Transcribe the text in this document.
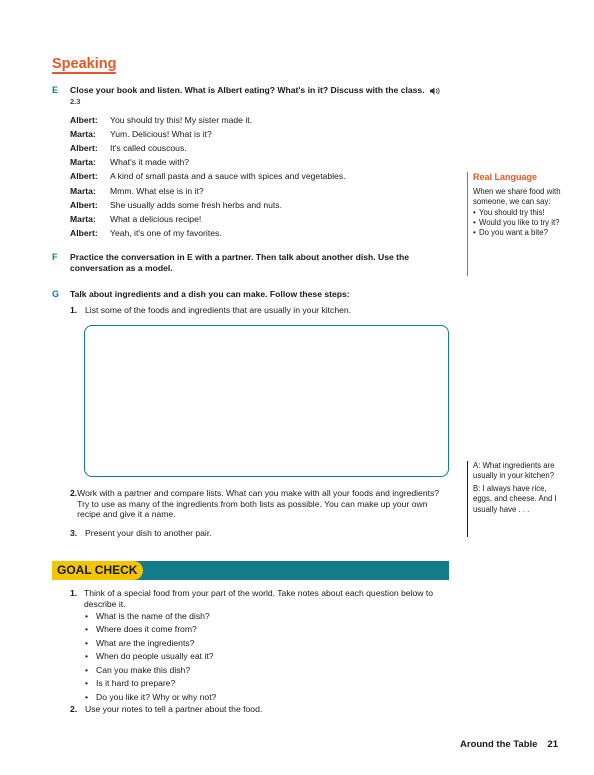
Speaking
E Close your book and listen. What is Albert eating? What's in it? Discuss with the class.  2.3
Albert:	You should try this! My sister made it.
Marta:	Yum. Delicious! What is it?
Albert:	It's called couscous.
Marta:	What's it made with?
Albert:	A kind of small pasta and a sauce with spices and vegetables.
Marta:	Mmm. What else is in it?
Albert:	She usually adds some fresh herbs and nuts.
Marta:	What a delicious recipe!
Albert:	Yeah, it's one of my favorites.
F Practice the conversation in E with a partner. Then talk about another dish. Use the conversation as a model.
G Talk about ingredients and a dish you can make. Follow these steps:
1. List some of the foods and ingredients that are usually in your kitchen.
2. Work with a partner and compare lists. What can you make with all your foods and ingredients? Try to use as many of the ingredients from both lists as possible. You can make up your own recipe and give it a name.
3. Present your dish to another pair.
GOAL CHECK
1. Think of a special food from your part of the world. Take notes about each question below to describe it.
• What is the name of the dish?
• Where does it come from?
• What are the ingredients?
• When do people usually eat it?
• Can you make this dish?
• Is it hard to prepare?
• Do you like it? Why or why not?
2. Use your notes to tell a partner about the food.
Real Language
When we share food with someone, we can say:
• You should try this!
• Would you like to try it?
• Do you want a bite?
A: What ingredients are usually in your kitchen?
B: I always have rice, eggs, and cheese. And I usually have . . .
Around the Table 21
